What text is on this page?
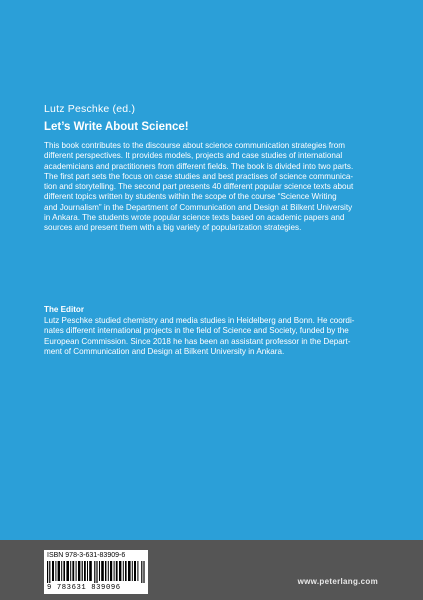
Lutz Peschke (ed.)
Let’s Write About Science!

This book contributes to the discourse about science communication strategies from
different perspectives. It provides models, projects and case studies of international
academicians and practitioners from different fields. The book is divided into two parts.
The first part sets the focus on case studies and best practises of science communica-
tion and storytelling. The second part presents 40 different popular science texts about
different topics written by students within the scope of the course “Science Writing
and Journalism” in the Department of Communication and Design at Bilkent University
in Ankara. The students wrote popular science texts based on academic papers and
sources and present them with a big variety of popularization strategies.

The Editor

Lutz Peschke studied chemistry and media studies in Heidelberg and Bonn. He coordi-
nates different international projects in the field of Science and Society, funded by the
European Commission. Since 2018 he has been an assistant professor in the Depart-
ment of Communication and Design at Bilkent University in Ankara.

ISBN 978-3-631-83909-6
9 783631 839096
www.peterlang.com
